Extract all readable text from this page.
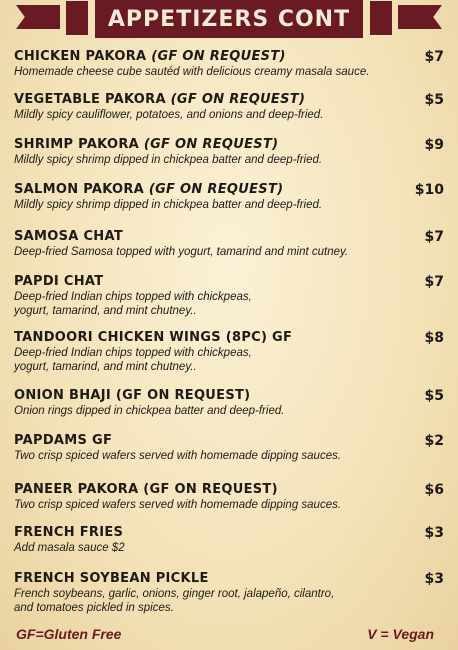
APPETIZERS CONT
CHICKEN PAKORA (GF ON REQUEST)	$7
Homemade cheese cube sautéd with delicious creamy masala sauce.
VEGETABLE PAKORA (GF ON REQUEST)	$5
Mildly spicy cauliflower, potatoes, and onions and deep-fried.
SHRIMP PAKORA (GF ON REQUEST)	$9
Mildly spicy shrimp dipped in chickpea batter and deep-fried.
SALMON PAKORA (GF ON REQUEST)	$10
Mildly spicy shrimp dipped in chickpea batter and deep-fried.
SAMOSA CHAT	$7
Deep-fried Samosa topped with yogurt, tamarind and mint cutney.
PAPDI CHAT	$7
Deep-fried Indian chips topped with chickpeas,
yogurt, tamarind, and mint chutney..
TANDOORI CHICKEN WINGS (8PC) GF	$8
Deep-fried Indian chips topped with chickpeas,
yogurt, tamarind, and mint chutney..
ONION BHAJI (GF ON REQUEST)	$5
Onion rings dipped in chickpea batter and deep-fried.
PAPDAMS GF	$2
Two crisp spiced wafers served with homemade dipping sauces.
PANEER PAKORA (GF ON REQUEST)	$6
Two crisp spiced wafers served with homemade dipping sauces.
FRENCH FRIES	$3
Add masala sauce $2
FRENCH SOYBEAN PICKLE	$3
French soybeans, garlic, onions, ginger root, jalapeño, cilantro,
and tomatoes pickled in spices.
GF=Gluten Free	V = Vegan
